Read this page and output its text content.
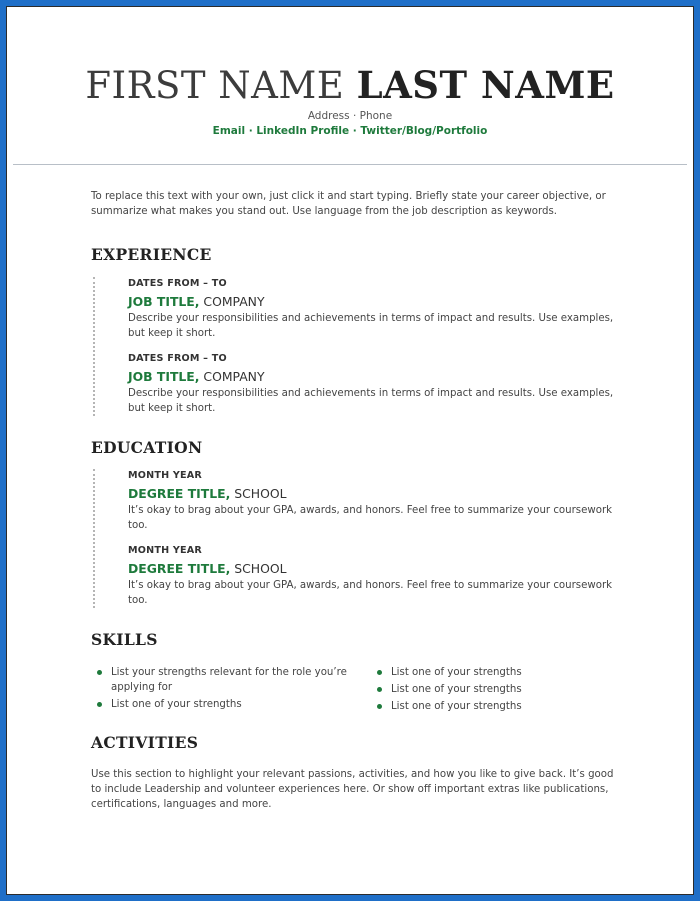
FIRST NAME LAST NAME
Address · Phone
Email · LinkedIn Profile · Twitter/Blog/Portfolio
To replace this text with your own, just click it and start typing. Briefly state your career objective, or summarize what makes you stand out. Use language from the job description as keywords.
EXPERIENCE
DATES FROM – TO
JOB TITLE, COMPANY
Describe your responsibilities and achievements in terms of impact and results. Use examples, but keep it short.
DATES FROM – TO
JOB TITLE, COMPANY
Describe your responsibilities and achievements in terms of impact and results. Use examples, but keep it short.
EDUCATION
MONTH YEAR
DEGREE TITLE, SCHOOL
It’s okay to brag about your GPA, awards, and honors. Feel free to summarize your coursework too.
MONTH YEAR
DEGREE TITLE, SCHOOL
It’s okay to brag about your GPA, awards, and honors. Feel free to summarize your coursework too.
SKILLS
List your strengths relevant for the role you’re applying for
List one of your strengths
List one of your strengths
List one of your strengths
List one of your strengths
ACTIVITIES
Use this section to highlight your relevant passions, activities, and how you like to give back. It’s good to include Leadership and volunteer experiences here. Or show off important extras like publications, certifications, languages and more.
